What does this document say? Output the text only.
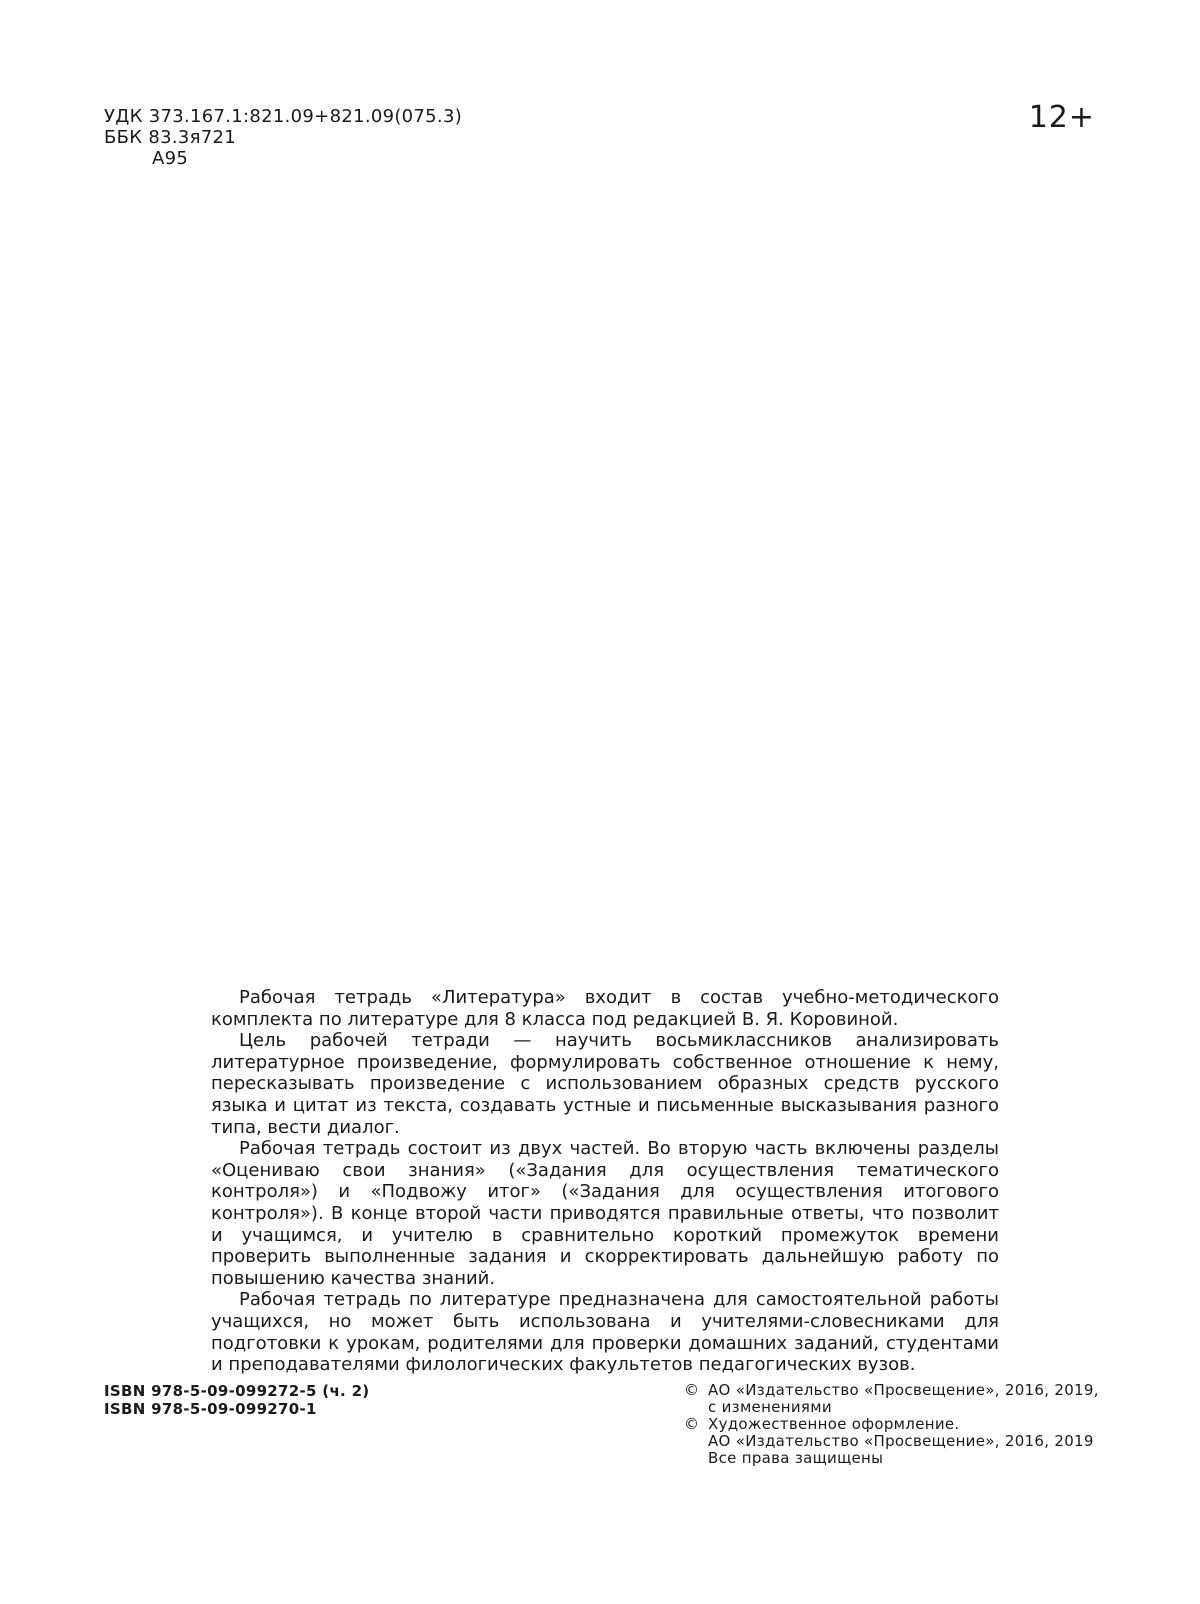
УДК 373.167.1:821.09+821.09(075.3)
ББК 83.3я721
А95
12+

Рабочая тетрадь «Литература» входит в состав учебно-методического комплекта по литературе для 8 класса под редакцией В. Я. Коровиной.

Цель рабочей тетради — научить восьмиклассников анализировать литературное произведение, формулировать собственное отношение к нему, пересказывать произведение с использованием образных средств русского языка и цитат из текста, создавать устные и письменные высказывания разного типа, вести диалог.

Рабочая тетрадь состоит из двух частей. Во вторую часть включены разделы «Оцениваю свои знания» («Задания для осуществления тематического контроля») и «Подвожу итог» («Задания для осуществления итогового контроля»). В конце второй части приводятся правильные ответы, что позволит и учащимся, и учителю в сравнительно короткий промежуток времени проверить выполненные задания и скорректировать дальнейшую работу по повышению качества знаний.

Рабочая тетрадь по литературе предназначена для самостоятельной работы учащихся, но может быть использована и учителями-словесниками для подготовки к урокам, родителями для проверки домашних заданий, студентами и преподавателями филологических факультетов педагогических вузов.

ISBN 978-5-09-099272-5 (ч. 2)
ISBN 978-5-09-099270-1
© АО «Издательство «Просвещение», 2016, 2019,
с изменениями
© Художественное оформление.
АО «Издательство «Просвещение», 2016, 2019
Все права защищены
